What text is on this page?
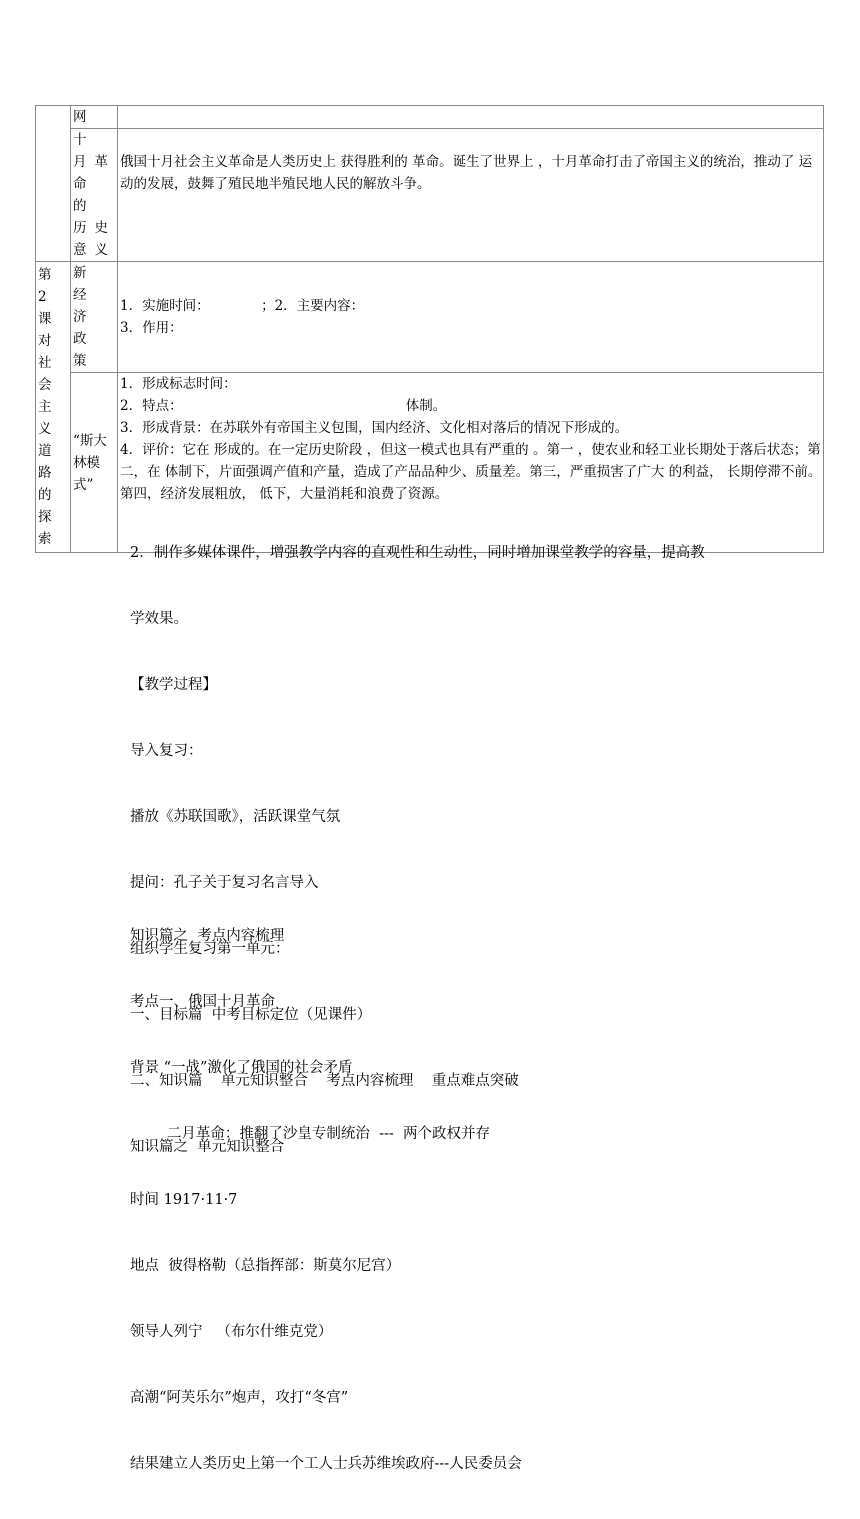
	网	
	十 月革命 的 历史 意义	俄国十月社会主义革命是人类历史上 获得胜利的 革命。诞生了世界上 ，十月革命打击了帝国主义的统治，推动了 运动的发展，鼓舞了殖民地半殖民地人民的解放斗争。
第 2 课 对社会主义道路的探索	新 经 济 政 策	1．实施时间：            ；2．主要内容：
3．作用：

	“斯大林模式”	1．形成标志时间：
2．特点：                                                    体制。
3．形成背景：在苏联外有帝国主义包围，国内经济、文化相对落后的情况下形成的。
4．评价：它在 形成的。在一定历史阶段 ，但这一模式也具有严重的 。第一 ，使农业和轻工业长期处于落后状态；第二，在 体制下，片面强调产值和产量，造成了产品品种少、质量差。第三，严重损害了广大 的利益， 长期停滞不前。第四，经济发展粗放， 低下，大量消耗和浪费了资源。

2．制作多媒体课件，增强教学内容的直观性和生动性，同时增加课堂教学的容量，提高教

学效果。

【教学过程】

导入复习：

播放《苏联国歌》，活跃课堂气氛

提问：孔子关于复习名言导入

组织学生复习第一单元：

一、目标篇  中考目标定位（见课件）

二、知识篇    单元知识整合    考点内容梳理    重点难点突破

知识篇之  单元知识整合

知识篇之  考点内容梳理

考点一、俄国十月革命

背景 “一战”激化了俄国的社会矛盾

二月革命：推翻了沙皇专制统治  ---  两个政权并存

时间 1917·11·7

地点  彼得格勒（总指挥部：斯莫尔尼宫）

领导人列宁   （布尔什维克党）

高潮“阿芙乐尔”炮声，攻打“冬宫”

结果建立人类历史上第一个工人士兵苏维埃政府---人民委员会
